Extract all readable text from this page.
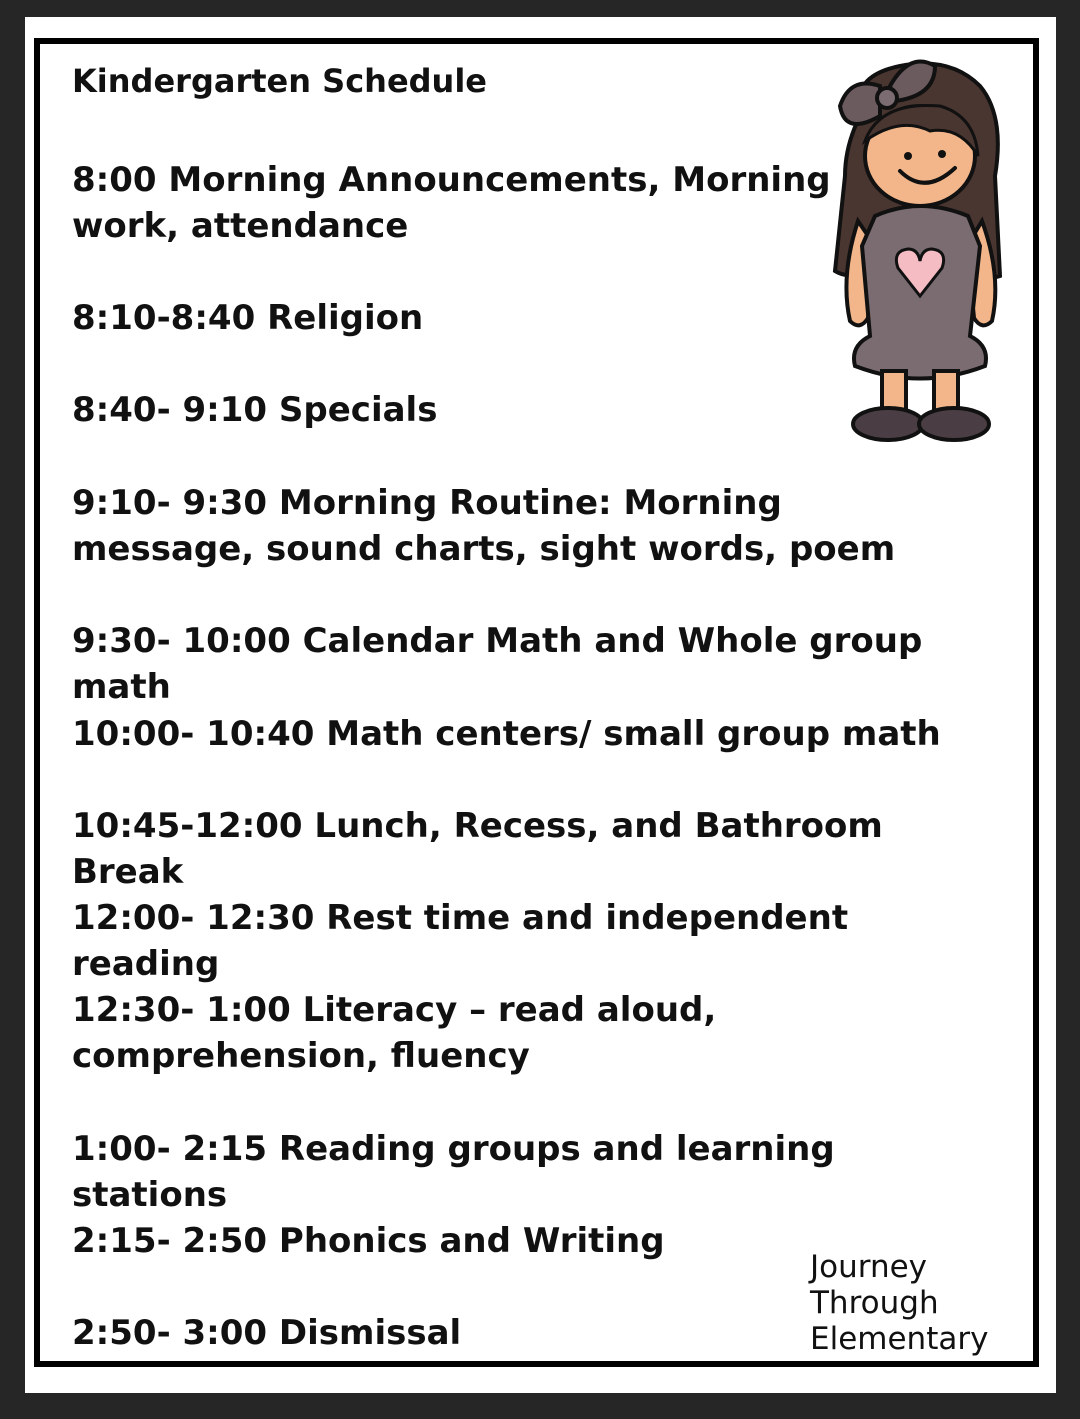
Kindergarten Schedule
8:00 Morning Announcements, Morning work, attendance
8:10-8:40 Religion
8:40- 9:10 Specials
9:10- 9:30 Morning Routine: Morning message, sound charts, sight words, poem
9:30- 10:00 Calendar Math and Whole group math
10:00- 10:40 Math centers/ small group math
10:45-12:00 Lunch, Recess, and Bathroom Break
12:00- 12:30 Rest time and independent reading
12:30- 1:00 Literacy – read aloud, comprehension, fluency
1:00- 2:15 Reading groups and learning stations
2:15- 2:50 Phonics and Writing
2:50- 3:00 Dismissal
Journey
Through
Elementary
